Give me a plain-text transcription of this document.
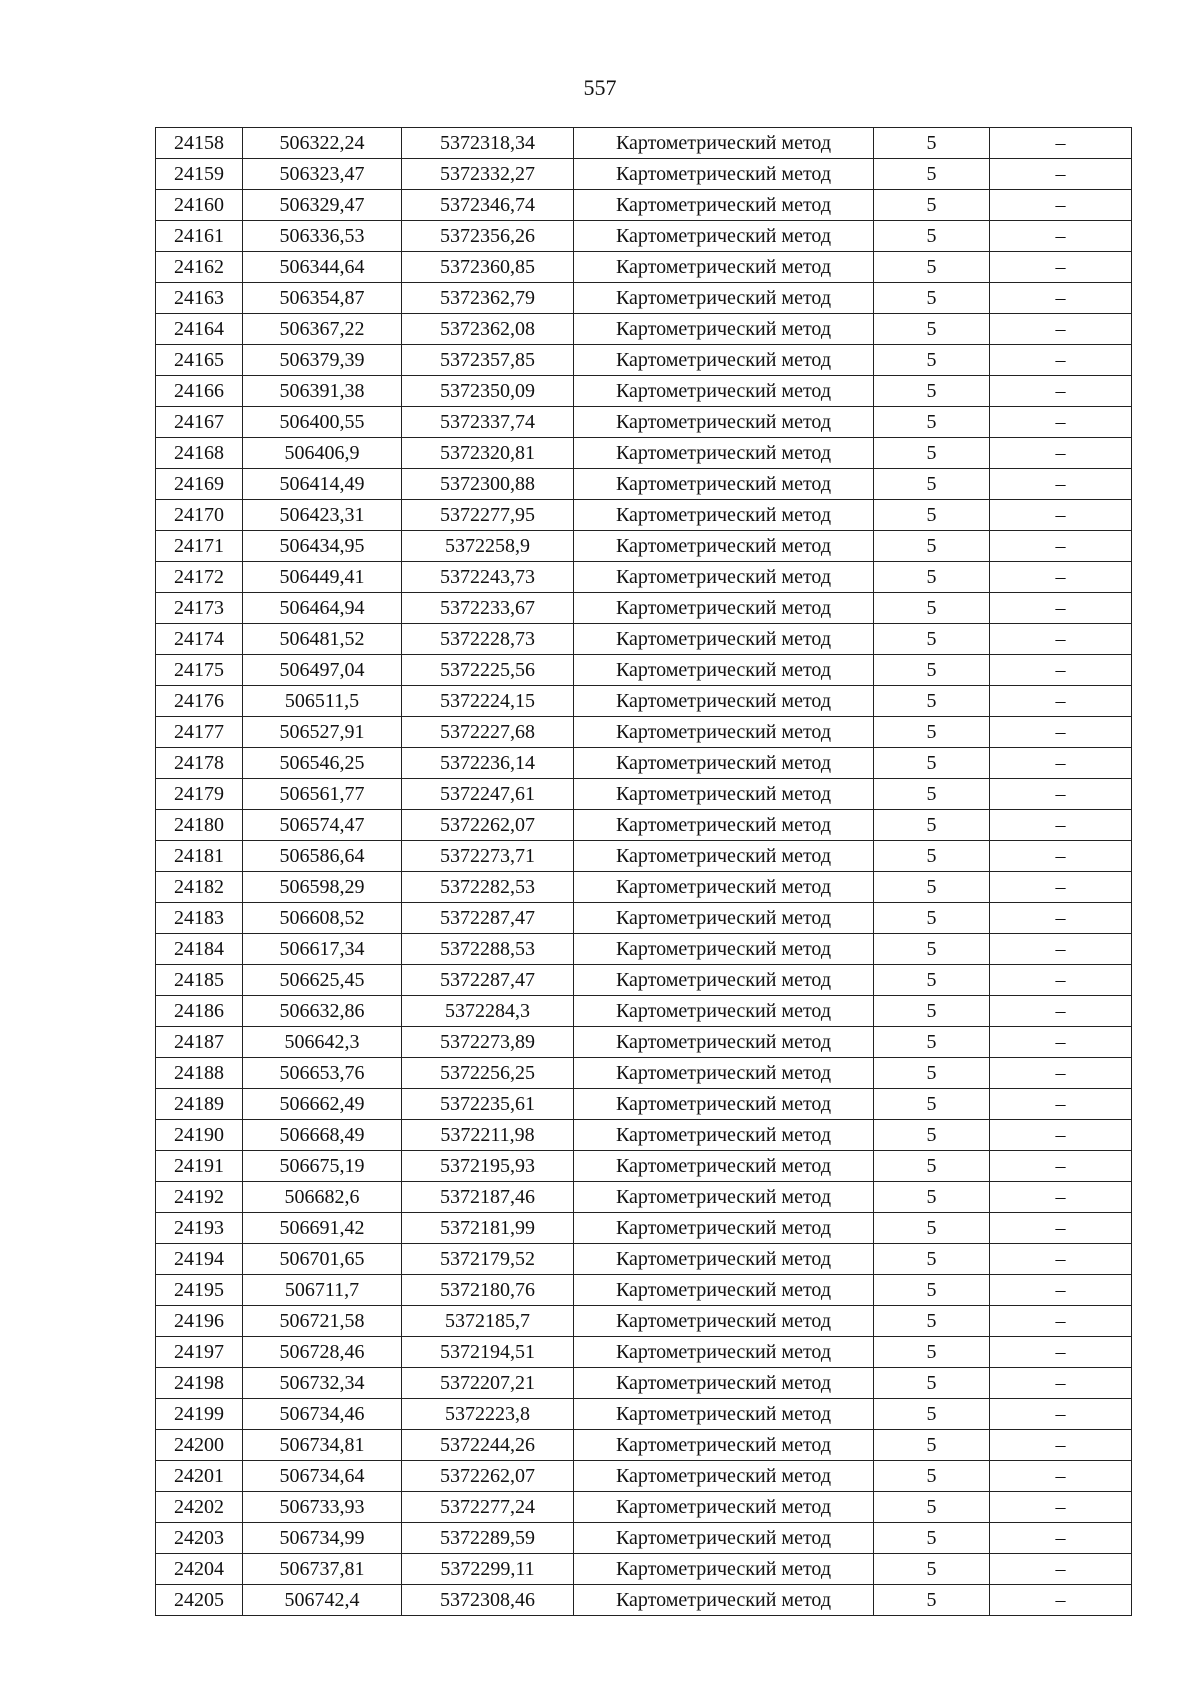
557
24158	506322,24	5372318,34	Картометрический метод	5	–
24159	506323,47	5372332,27	Картометрический метод	5	–
24160	506329,47	5372346,74	Картометрический метод	5	–
24161	506336,53	5372356,26	Картометрический метод	5	–
24162	506344,64	5372360,85	Картометрический метод	5	–
24163	506354,87	5372362,79	Картометрический метод	5	–
24164	506367,22	5372362,08	Картометрический метод	5	–
24165	506379,39	5372357,85	Картометрический метод	5	–
24166	506391,38	5372350,09	Картометрический метод	5	–
24167	506400,55	5372337,74	Картометрический метод	5	–
24168	506406,9	5372320,81	Картометрический метод	5	–
24169	506414,49	5372300,88	Картометрический метод	5	–
24170	506423,31	5372277,95	Картометрический метод	5	–
24171	506434,95	5372258,9	Картометрический метод	5	–
24172	506449,41	5372243,73	Картометрический метод	5	–
24173	506464,94	5372233,67	Картометрический метод	5	–
24174	506481,52	5372228,73	Картометрический метод	5	–
24175	506497,04	5372225,56	Картометрический метод	5	–
24176	506511,5	5372224,15	Картометрический метод	5	–
24177	506527,91	5372227,68	Картометрический метод	5	–
24178	506546,25	5372236,14	Картометрический метод	5	–
24179	506561,77	5372247,61	Картометрический метод	5	–
24180	506574,47	5372262,07	Картометрический метод	5	–
24181	506586,64	5372273,71	Картометрический метод	5	–
24182	506598,29	5372282,53	Картометрический метод	5	–
24183	506608,52	5372287,47	Картометрический метод	5	–
24184	506617,34	5372288,53	Картометрический метод	5	–
24185	506625,45	5372287,47	Картометрический метод	5	–
24186	506632,86	5372284,3	Картометрический метод	5	–
24187	506642,3	5372273,89	Картометрический метод	5	–
24188	506653,76	5372256,25	Картометрический метод	5	–
24189	506662,49	5372235,61	Картометрический метод	5	–
24190	506668,49	5372211,98	Картометрический метод	5	–
24191	506675,19	5372195,93	Картометрический метод	5	–
24192	506682,6	5372187,46	Картометрический метод	5	–
24193	506691,42	5372181,99	Картометрический метод	5	–
24194	506701,65	5372179,52	Картометрический метод	5	–
24195	506711,7	5372180,76	Картометрический метод	5	–
24196	506721,58	5372185,7	Картометрический метод	5	–
24197	506728,46	5372194,51	Картометрический метод	5	–
24198	506732,34	5372207,21	Картометрический метод	5	–
24199	506734,46	5372223,8	Картометрический метод	5	–
24200	506734,81	5372244,26	Картометрический метод	5	–
24201	506734,64	5372262,07	Картометрический метод	5	–
24202	506733,93	5372277,24	Картометрический метод	5	–
24203	506734,99	5372289,59	Картометрический метод	5	–
24204	506737,81	5372299,11	Картометрический метод	5	–
24205	506742,4	5372308,46	Картометрический метод	5	–
